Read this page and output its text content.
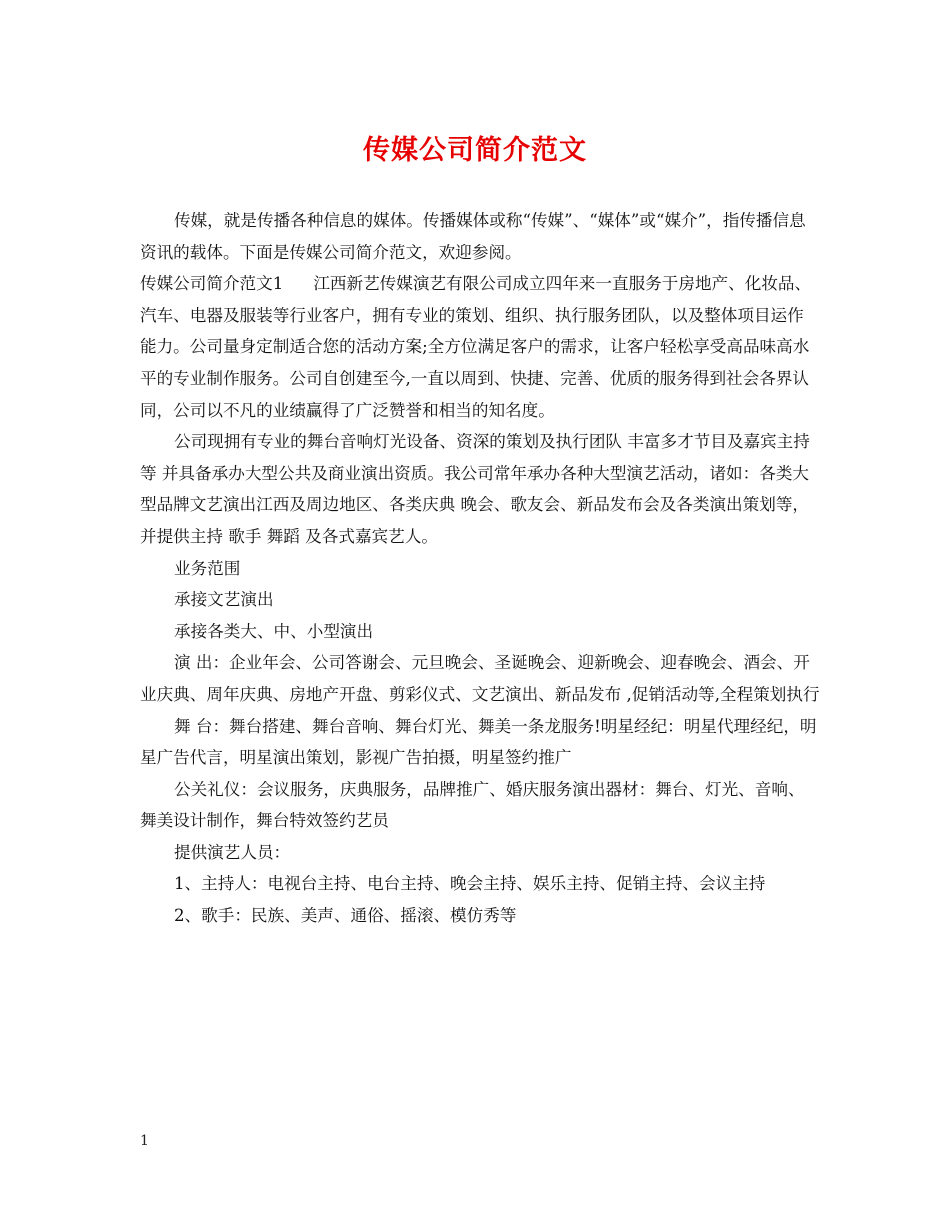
传媒公司简介范文

传媒，就是传播各种信息的媒体。传播媒体或称“传媒”、“媒体”或“媒介”，指传播信息资讯的载体。下面是传媒公司简介范文，欢迎参阅。

传媒公司简介范文1 江西新艺传媒演艺有限公司成立四年来一直服务于房地产、化妆品、汽车、电器及服装等行业客户，拥有专业的策划、组织、执行服务团队，以及整体项目运作能力。公司量身定制适合您的活动方案;全方位满足客户的需求，让客户轻松享受高品味高水平的专业制作服务。公司自创建至今,一直以周到、快捷、完善、优质的服务得到社会各界认同，公司以不凡的业绩赢得了广泛赞誉和相当的知名度。

公司现拥有专业的舞台音响灯光设备、资深的策划及执行团队 丰富多才节目及嘉宾主持等 并具备承办大型公共及商业演出资质。我公司常年承办各种大型演艺活动，诸如：各类大型品牌文艺演出江西及周边地区、各类庆典 晚会、歌友会、新品发布会及各类演出策划等，并提供主持 歌手 舞蹈 及各式嘉宾艺人。

业务范围

承接文艺演出

承接各类大、中、小型演出

演 出：企业年会、公司答谢会、元旦晚会、圣诞晚会、迎新晚会、迎春晚会、酒会、开业庆典、周年庆典、房地产开盘、剪彩仪式、文艺演出、新品发布 ,促销活动等,全程策划执行

舞 台：舞台搭建、舞台音响、舞台灯光、舞美一条龙服务!明星经纪：明星代理经纪，明星广告代言，明星演出策划，影视广告拍摄，明星签约推广

公关礼仪：会议服务，庆典服务，品牌推广、婚庆服务演出器材：舞台、灯光、音响、舞美设计制作，舞台特效签约艺员

提供演艺人员：

1、主持人：电视台主持、电台主持、晚会主持、娱乐主持、促销主持、会议主持

2、歌手：民族、美声、通俗、摇滚、模仿秀等

1
